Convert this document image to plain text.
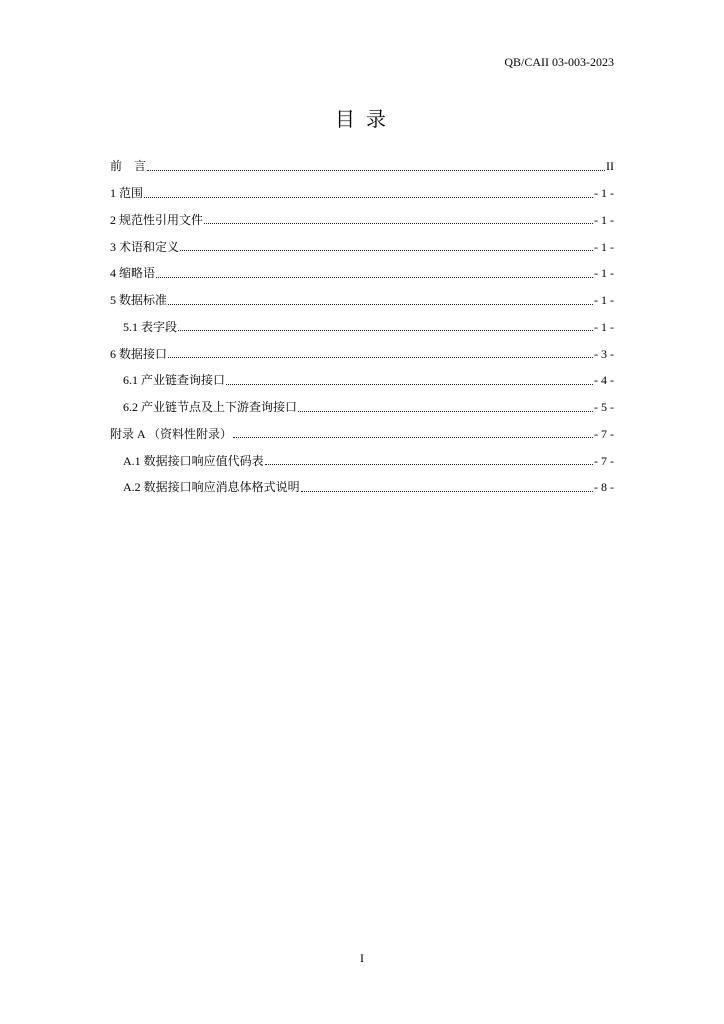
QB/CAII 03-003-2023
目 录
前　言	II
1 范围	- 1 -
2 规范性引用文件	- 1 -
3 术语和定义	- 1 -
4 缩略语	- 1 -
5 数据标准	- 1 -
5.1 表字段	- 1 -
6 数据接口	- 3 -
6.1 产业链查询接口	- 4 -
6.2 产业链节点及上下游查询接口	- 5 -
附录 A （资料性附录）	- 7 -
A.1 数据接口响应值代码表	- 7 -
A.2 数据接口响应消息体格式说明	- 8 -
I
